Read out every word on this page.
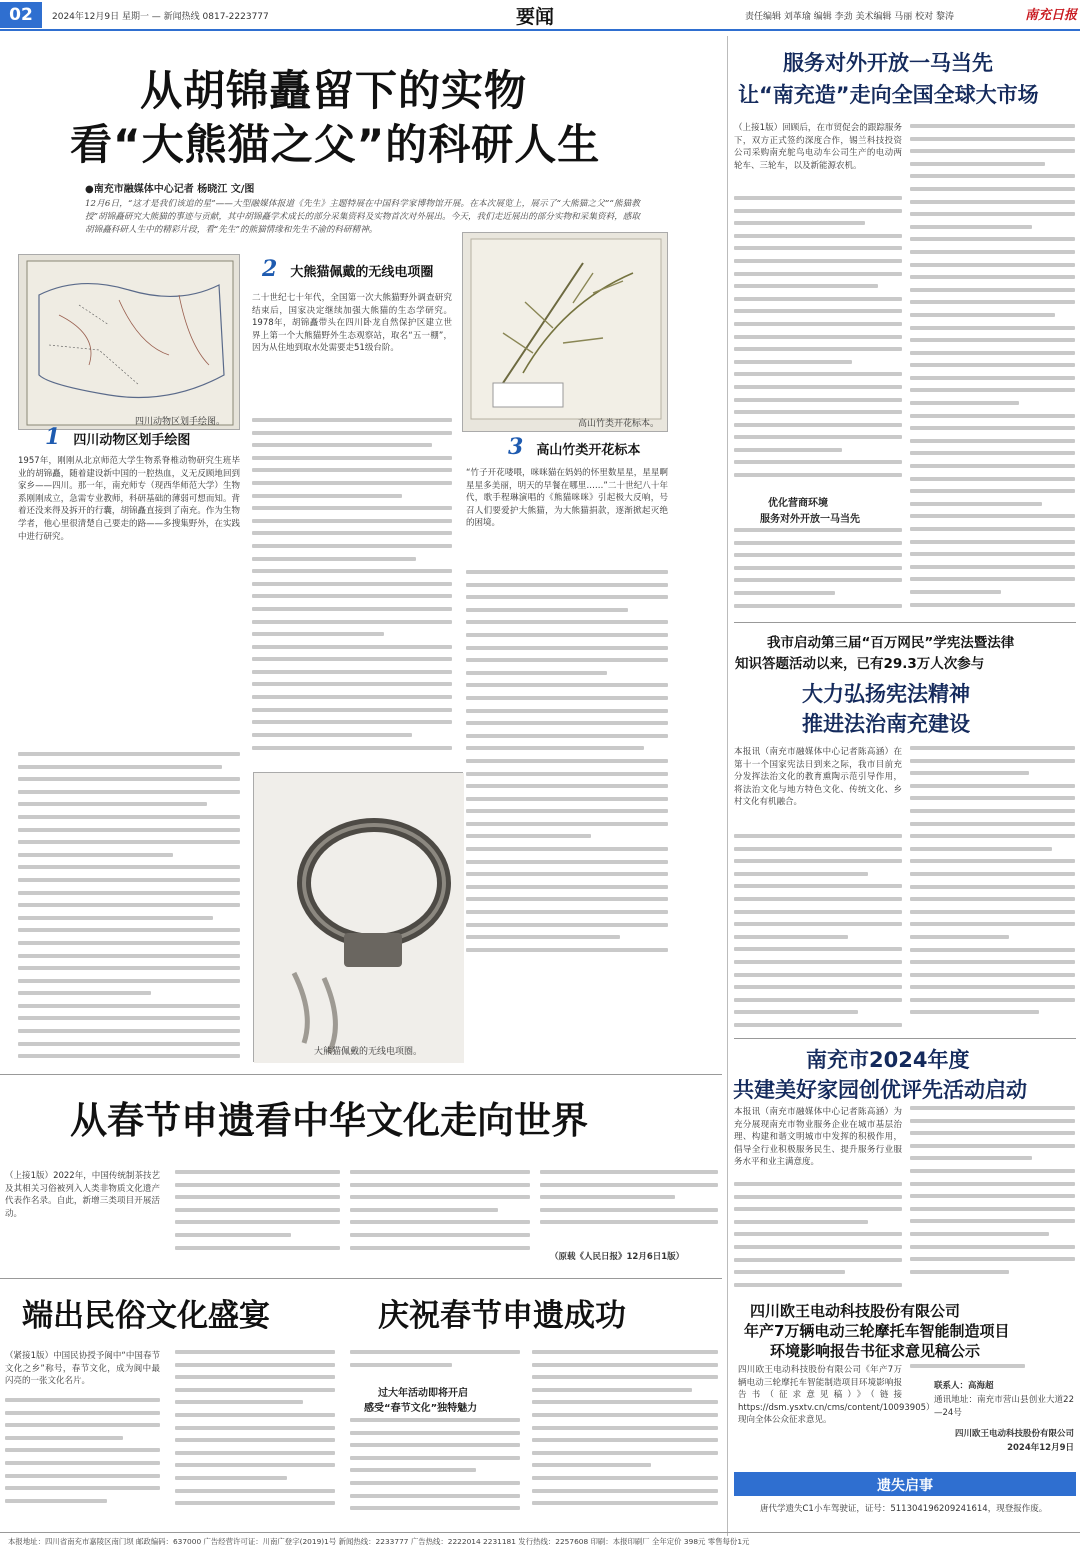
02	2024年12月9日 星期一 — 新闻热线 0817-2223777	要闻	责任编辑 刘革瑜 编辑 李劲 美术编辑 马丽 校对 黎涛	南充日报
从胡锦矗留下的实物
看“大熊猫之父”的科研人生
●南充市融媒体中心记者 杨晓江 文/图
12月6日，“这才是我们该追的星”——大型融媒体报道《先生》主题特展在中国科学家博物馆开展。在本次展览上，展示了“大熊猫之父”“熊猫教授”胡锦矗研究大熊猫的事迹与贡献，其中胡锦矗学术成长的部分采集资料及实物首次对外展出。今天，我们走近展出的部分实物和采集资料，感取胡锦矗科研人生中的精彩片段，看“先生”的熊猫情缘和先生不渝的科研精神。
四川动物区划手绘图。
1 四川动物区划手绘图
1957年，刚刚从北京师范大学生物系脊椎动物研究生班毕业的胡锦矗，随着建设新中国的一腔热血，义无反顾地回到家乡——四川。那一年，南充师专（现西华师范大学）生物系刚刚成立，急需专业教师，科研基础的薄弱可想而知。背着还没来得及拆开的行囊，胡锦矗直接到了南充。作为生物学者，他心里很清楚自己要走的路——多搜集野外，在实践中进行研究。
2 大熊猫佩戴的无线电项圈
二十世纪七十年代，全国第一次大熊猫野外调查研究结束后，国家决定继续加强大熊猫的生态学研究。1978年，胡锦矗带头在四川卧龙自然保护区建立世界上第一个大熊猫野外生态观察站，取名“五一棚”，因为从住地到取水处需要走51级台阶。
高山竹类开花标本。
3 高山竹类开花标本
“竹子开花喽喂，咪咪猫在妈妈的怀里数星星，星星啊星星多美丽，明天的早餐在哪里……”二十世纪八十年代，歌手程琳演唱的《熊猫咪咪》引起极大反响，号召人们要爱护大熊猫，为大熊猫捐款，逐渐掀起灭绝的困境。
大熊猫佩戴的无线电项圈。
服务对外开放一马当先
让“南充造”走向全国全球大市场
（上接1版）回顾后，在市贸促会的跟踪服务下，双方正式签约深度合作，锡兰科技投资公司采购南充鸵鸟电动车公司生产的电动两轮车、三轮车，以及新能源农机。
优化营商环境
服务对外开放一马当先
我市启动第三届“百万网民”学宪法暨法律
知识答题活动以来，已有29.3万人次参与
大力弘扬宪法精神
推进法治南充建设
本报讯（南充市融媒体中心记者陈高涵）在第十一个国家宪法日到来之际，我市目前充分发挥法治文化的教育熏陶示范引导作用，将法治文化与地方特色文化、传统文化、乡村文化有机融合。
南充市2024年度
共建美好家园创优评先活动启动
本报讯（南充市融媒体中心记者陈高涵）为充分展现南充市物业服务企业在城市基层治理、构建和谐文明城市中发挥的积极作用，倡导全行业积极服务民生、提升服务行业服务水平和业主满意度。
四川欧王电动科技股份有限公司
年产7万辆电动三轮摩托车智能制造项目
环境影响报告书征求意见稿公示
四川欧王电动科技股份有限公司《年产7万辆电动三轮摩托车智能制造项目环境影响报告书（征求意见稿）》（链接 https://dsm.ysxtv.cn/cms/content/10093905）现向全体公众征求意见。
联系人：高海超
通讯地址：南充市营山县创业大道22—24号
四川欧王电动科技股份有限公司
2024年12月9日
遗失启事
唐代学遗失C1小车驾驶证，证号：511304196209241614，现登报作废。
从春节申遗看中华文化走向世界
（上接1版）2022年，中国传统制茶技艺及其相关习俗被列入人类非物质文化遗产代表作名录。自此，新增三类项目开展活动。
（原载《人民日报》12月6日1版）
端出民俗文化盛宴	庆祝春节申遗成功
（紧接1版）中国民协授予阆中“中国春节文化之乡”称号，春节文化，成为阆中最闪亮的一张文化名片。
过大年活动即将开启
感受“春节文化”独特魅力
本报地址：四川省南充市嘉陵区南门坝 邮政编码：637000 广告经营许可证：川南广登字(2019)1号 新闻热线：2233777 广告热线：2222014 2231181 发行热线：2257608 印刷：本报印刷厂 全年定价 398元 零售每份1元
